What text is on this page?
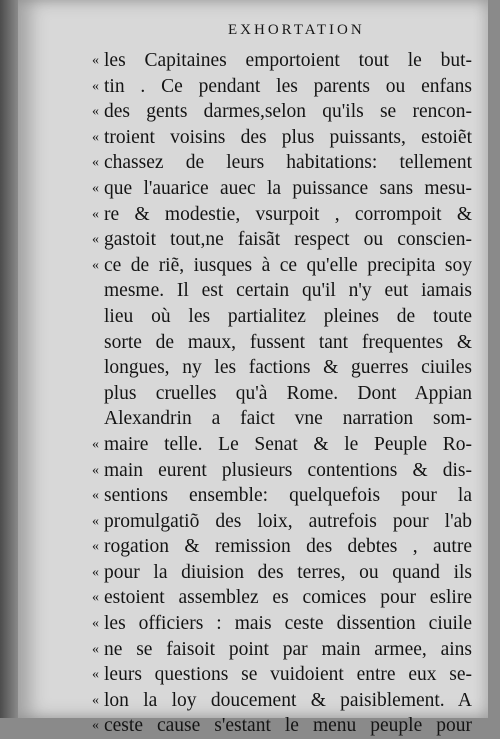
EXHORTATION
« les Capitaines emportoient tout le but-
« tin . Ce pendant les parents ou enfans
« des gents darmes,selon qu'ils se rencon-
« troient voisins des plus puissants, estoiẽt
« chassez de leurs habitations: tellement
« que l'auarice auec la puissance sans mesu-
« re & modestie, vsurpoit , corrompoit &
« gastoit tout,ne faisãt respect ou conscien-
« ce de riẽ, iusques à ce qu'elle precipita soy
mesme. Il est certain qu'il n'y eut iamais
lieu où les partialitez pleines de toute
sorte de maux, fussent tant frequentes &
longues, ny les factions & guerres ciuiles
plus cruelles qu'à Rome. Dont Appian
Alexandrin a faict vne narration som-
« maire telle. Le Senat & le Peuple Ro-
« main eurent plusieurs contentions & dis-
« sentions ensemble: quelquefois pour la
« promulgatiõ des loix, autrefois pour l'ab
« rogation & remission des debtes , autre
« pour la diuision des terres, ou quand ils
« estoient assemblez es comices pour eslire
« les officiers : mais ceste dissention ciuile
« ne se faisoit point par main armee, ains
« leurs questions se vuidoient entre eux se-
« lon la loy doucement & paisiblement. A
« ceste cause s'estant le menu peuple pour
